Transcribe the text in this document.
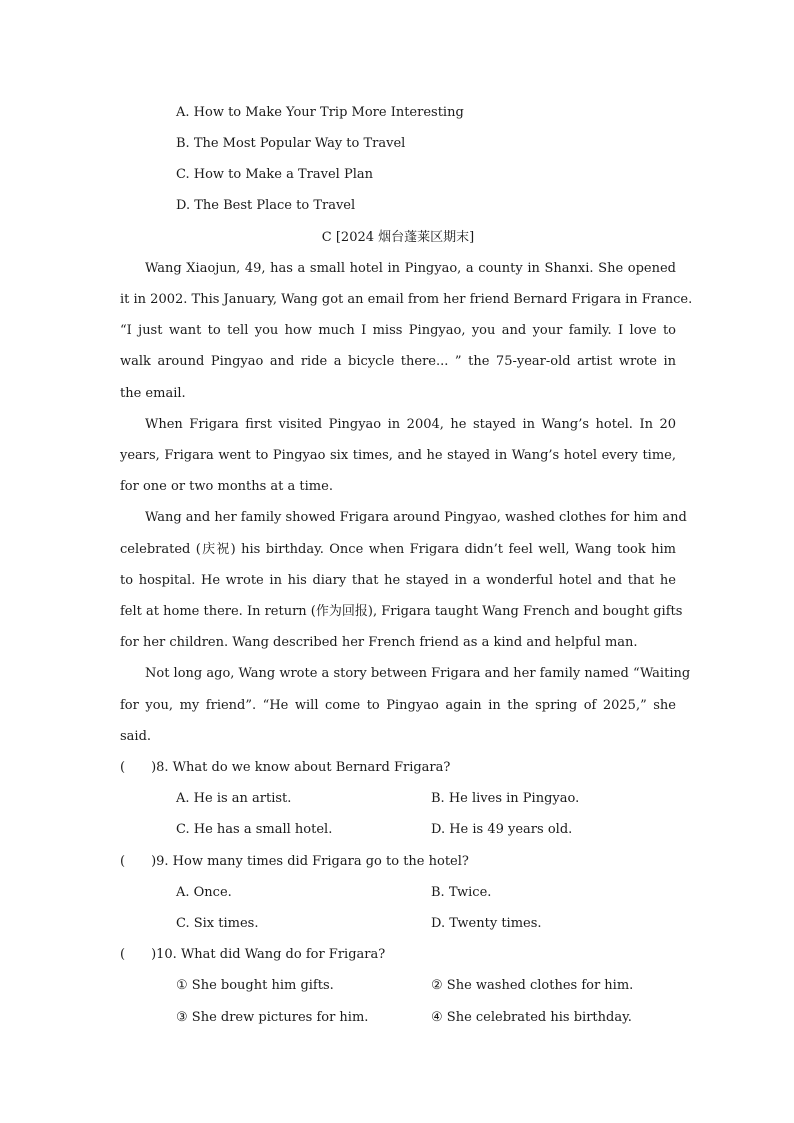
A. How to Make Your Trip More Interesting
B. The Most Popular Way to Travel
C. How to Make a Travel Plan
D. The Best Place to Travel
C [2024 烟台蓬莱区期末]
Wang Xiaojun, 49, has a small hotel in Pingyao, a county in Shanxi. She opened
it in 2002. This January, Wang got an email from her friend Bernard Frigara in France.
“I just want to tell you how much I miss Pingyao, you and your family. I love to
walk around Pingyao and ride a bicycle there... ” the 75-year-old artist wrote in
the email.
When Frigara first visited Pingyao in 2004, he stayed in Wang’s hotel. In 20
years, Frigara went to Pingyao six times, and he stayed in Wang’s hotel every time,
for one or two months at a time.
Wang and her family showed Frigara around Pingyao, washed clothes for him and
celebrated (庆祝) his birthday. Once when Frigara didn’t feel well, Wang took him
to hospital. He wrote in his diary that he stayed in a wonderful hotel and that he
felt at home there. In return (作为回报), Frigara taught Wang French and bought gifts
for her children. Wang described her French friend as a kind and helpful man.
Not long ago, Wang wrote a story between Frigara and her family named “Waiting
for you, my friend”. “He will come to Pingyao again in the spring of 2025,” she
said.
(　　)8. What do we know about Bernard Frigara?
A. He is an artist.	B. He lives in Pingyao.
C. He has a small hotel.	D. He is 49 years old.
(　　)9. How many times did Frigara go to the hotel?
A. Once.	B. Twice.
C. Six times.	D. Twenty times.
(　　)10. What did Wang do for Frigara?
① She bought him gifts.	② She washed clothes for him.
③ She drew pictures for him.	④ She celebrated his birthday.
